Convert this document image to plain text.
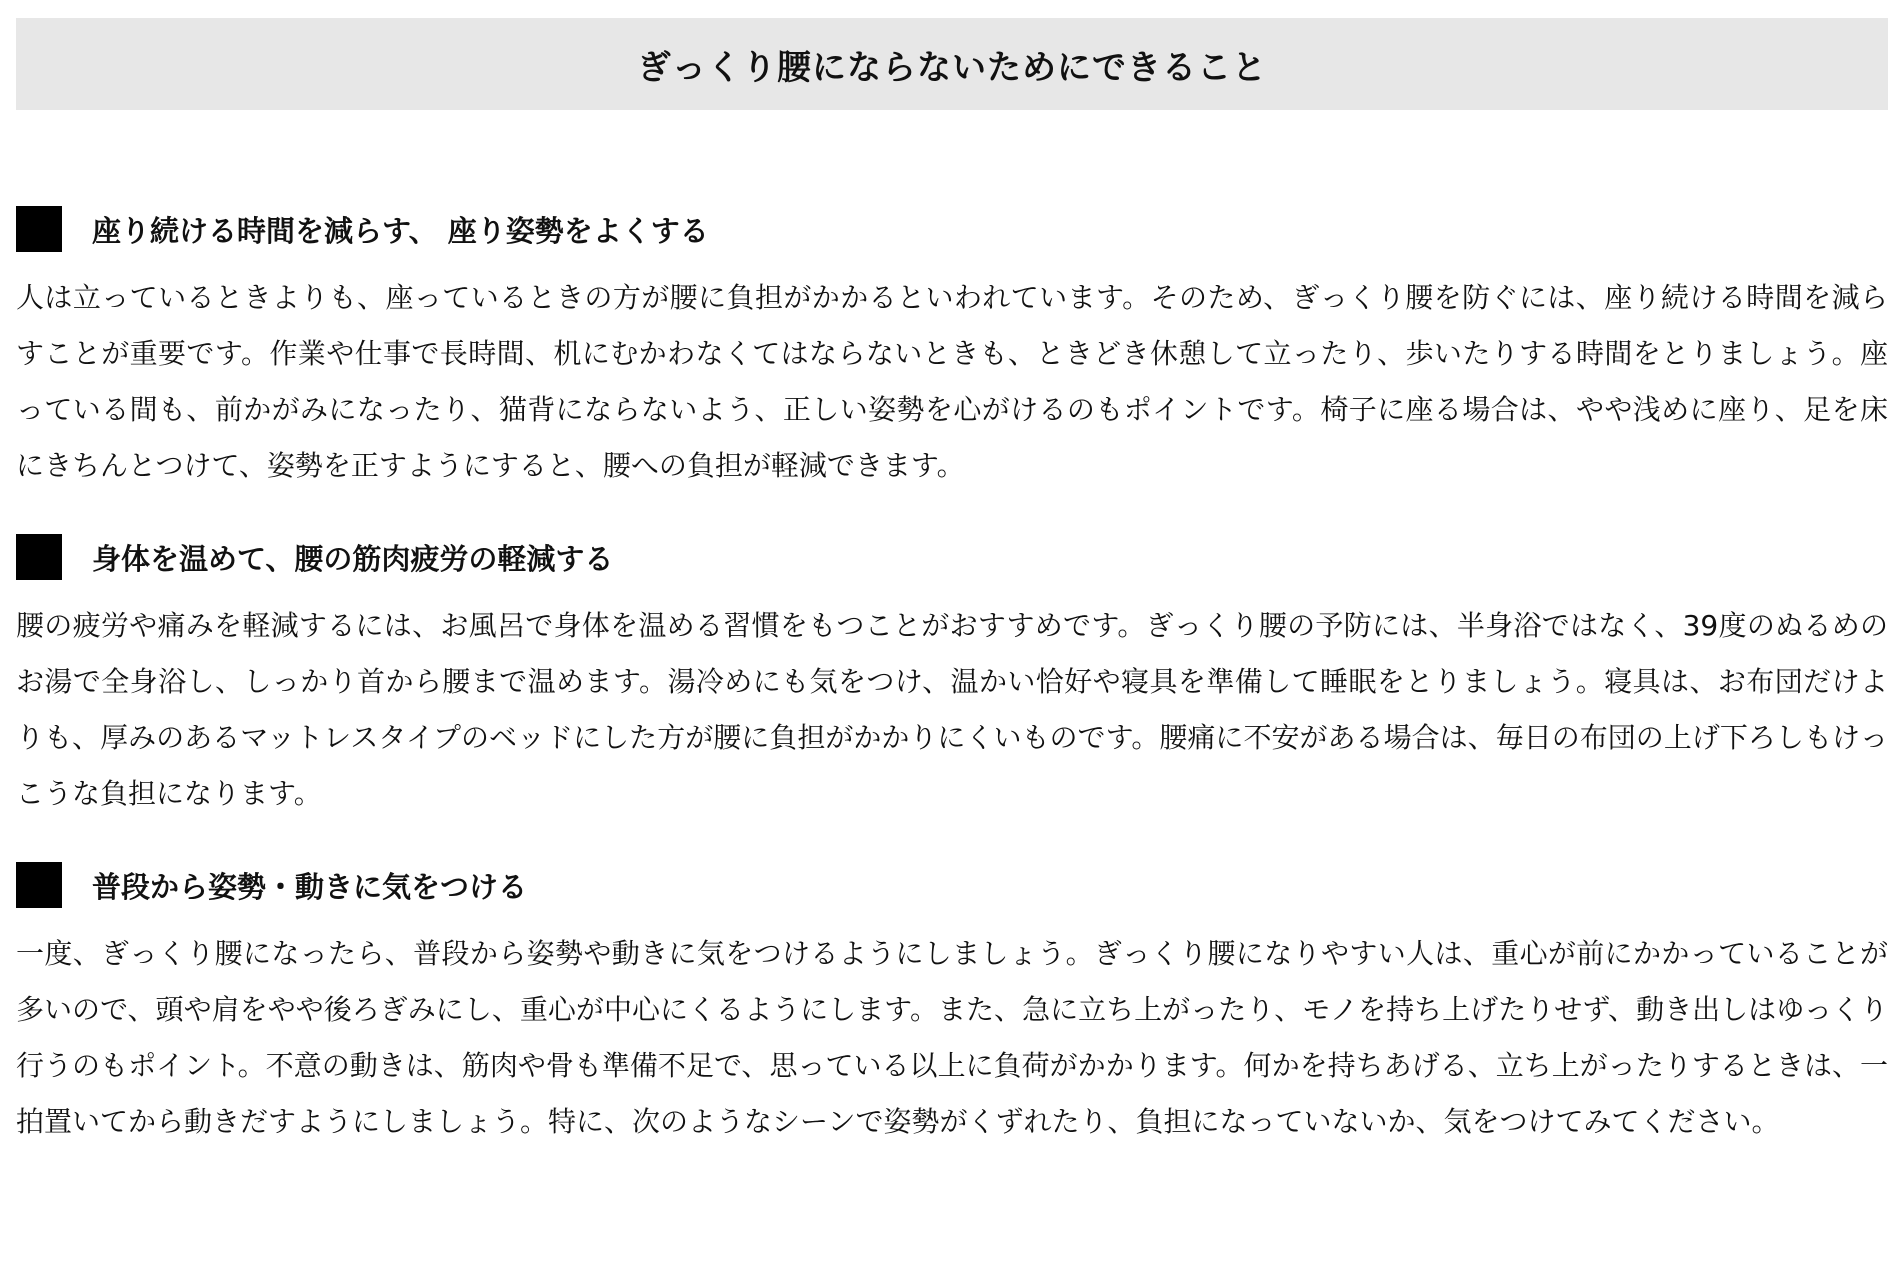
ぎっくり腰にならないためにできること
座り続ける時間を減らす、 座り姿勢をよくする

人は立っているときよりも、座っているときの方が腰に負担がかかるといわれています。そのため、ぎっくり腰を防ぐには、座り続ける時間を減らすことが重要です。作業や仕事で長時間、机にむかわなくてはならないときも、ときどき休憩して立ったり、歩いたりする時間をとりましょう。座っている間も、前かがみになったり、猫背にならないよう、正しい姿勢を心がけるのもポイントです。椅子に座る場合は、やや浅めに座り、足を床にきちんとつけて、姿勢を正すようにすると、腰への負担が軽減できます。

身体を温めて、腰の筋肉疲労の軽減する

腰の疲労や痛みを軽減するには、お風呂で身体を温める習慣をもつことがおすすめです。ぎっくり腰の予防には、半身浴ではなく、39度のぬるめのお湯で全身浴し、しっかり首から腰まで温めます。湯冷めにも気をつけ、温かい恰好や寝具を準備して睡眠をとりましょう。寝具は、お布団だけよりも、厚みのあるマットレスタイプのベッドにした方が腰に負担がかかりにくいものです。腰痛に不安がある場合は、毎日の布団の上げ下ろしもけっこうな負担になります。

普段から姿勢・動きに気をつける

一度、ぎっくり腰になったら、普段から姿勢や動きに気をつけるようにしましょう。ぎっくり腰になりやすい人は、重心が前にかかっていることが多いので、頭や肩をやや後ろぎみにし、重心が中心にくるようにします。また、急に立ち上がったり、モノを持ち上げたりせず、動き出しはゆっくり行うのもポイント。不意の動きは、筋肉や骨も準備不足で、思っている以上に負荷がかかります。何かを持ちあげる、立ち上がったりするときは、一拍置いてから動きだすようにしましょう。特に、次のようなシーンで姿勢がくずれたり、負担になっていないか、気をつけてみてください。
